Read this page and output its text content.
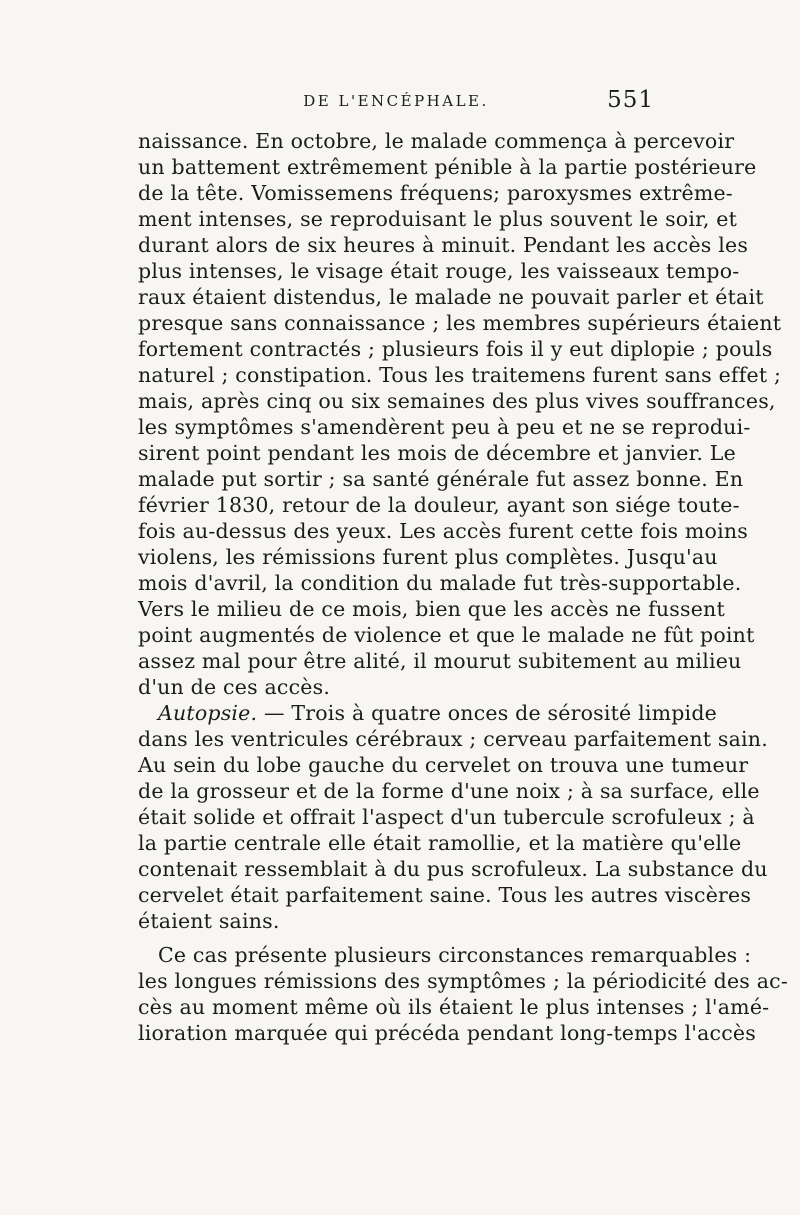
DE L'ENCÉPHALE.	551
naissance. En octobre, le malade commença à percevoir
un battement extrêmement pénible à la partie postérieure
de la tête. Vomissemens fréquens; paroxysmes extrême-
ment intenses, se reproduisant le plus souvent le soir, et
durant alors de six heures à minuit. Pendant les accès les
plus intenses, le visage était rouge, les vaisseaux tempo-
raux étaient distendus, le malade ne pouvait parler et était
presque sans connaissance ; les membres supérieurs étaient
fortement contractés ; plusieurs fois il y eut diplopie ; pouls
naturel ; constipation. Tous les traitemens furent sans effet ;
mais, après cinq ou six semaines des plus vives souffrances,
les symptômes s'amendèrent peu à peu et ne se reprodui-
sirent point pendant les mois de décembre et janvier. Le
malade put sortir ; sa santé générale fut assez bonne. En
février 1830, retour de la douleur, ayant son siége toute-
fois au-dessus des yeux. Les accès furent cette fois moins
violens, les rémissions furent plus complètes. Jusqu'au
mois d'avril, la condition du malade fut très-supportable.
Vers le milieu de ce mois, bien que les accès ne fussent
point augmentés de violence et que le malade ne fût point
assez mal pour être alité, il mourut subitement au milieu
d'un de ces accès.
Autopsie. — Trois à quatre onces de sérosité limpide
dans les ventricules cérébraux ; cerveau parfaitement sain.
Au sein du lobe gauche du cervelet on trouva une tumeur
de la grosseur et de la forme d'une noix ; à sa surface, elle
était solide et offrait l'aspect d'un tubercule scrofuleux ; à
la partie centrale elle était ramollie, et la matière qu'elle
contenait ressemblait à du pus scrofuleux. La substance du
cervelet était parfaitement saine. Tous les autres viscères
étaient sains.
Ce cas présente plusieurs circonstances remarquables :
les longues rémissions des symptômes ; la périodicité des ac-
cès au moment même où ils étaient le plus intenses ; l'amé-
lioration marquée qui précéda pendant long-temps l'accès
